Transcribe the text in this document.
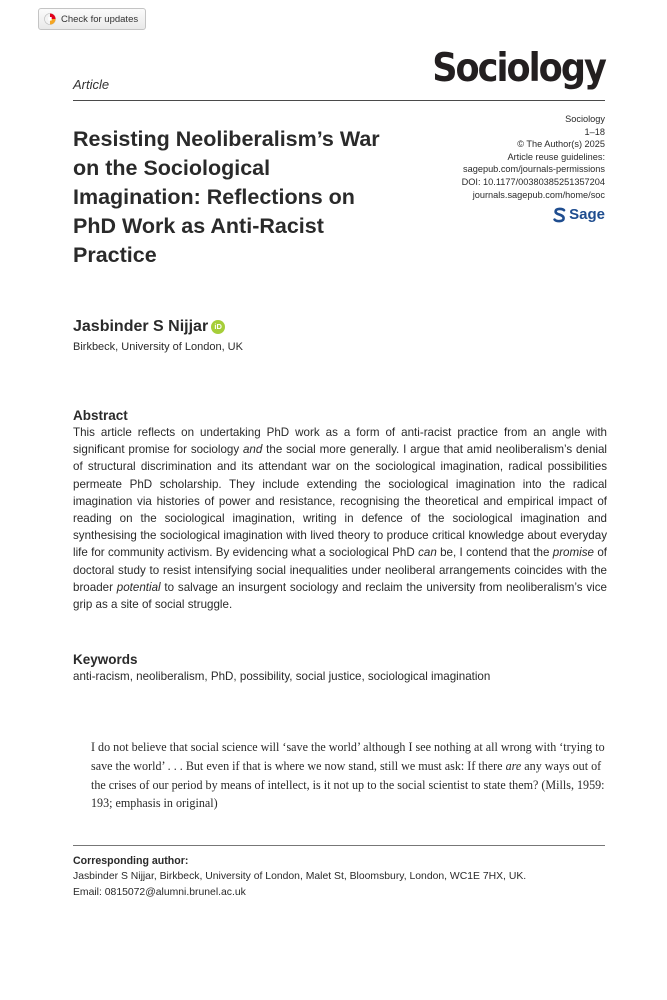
Check for updates
Article	Sociology
Resisting Neoliberalism’s War on the Sociological Imagination: Reflections on PhD Work as Anti-Racist Practice
Sociology
1–18
© The Author(s) 2025
Article reuse guidelines:
sagepub.com/journals-permissions
DOI: 10.1177/00380385251357204
journals.sagepub.com/home/soc
Sage
Jasbinder S Nijjar iD
Birkbeck, University of London, UK
Abstract
This article reflects on undertaking PhD work as a form of anti-racist practice from an angle with significant promise for sociology and the social more generally. I argue that amid neoliberalism’s denial of structural discrimination and its attendant war on the sociological imagination, radical possibilities permeate PhD scholarship. They include extending the sociological imagination into the radical imagination via histories of power and resistance, recognising the theoretical and empirical impact of reading on the sociological imagination, writing in defence of the sociological imagination and synthesising the sociological imagination with lived theory to produce critical knowledge about everyday life for community activism. By evidencing what a sociological PhD can be, I contend that the promise of doctoral study to resist intensifying social inequalities under neoliberal arrangements coincides with the broader potential to salvage an insurgent sociology and reclaim the university from neoliberalism’s vice grip as a site of social struggle.
Keywords
anti-racism, neoliberalism, PhD, possibility, social justice, sociological imagination
I do not believe that social science will ‘save the world’ although I see nothing at all wrong with ‘trying to save the world’ . . . But even if that is where we now stand, still we must ask: If there are any ways out of the crises of our period by means of intellect, is it not up to the social scientist to state them? (Mills, 1959: 193; emphasis in original)
Corresponding author:
Jasbinder S Nijjar, Birkbeck, University of London, Malet St, Bloomsbury, London, WC1E 7HX, UK.
Email: 0815072@alumni.brunel.ac.uk
